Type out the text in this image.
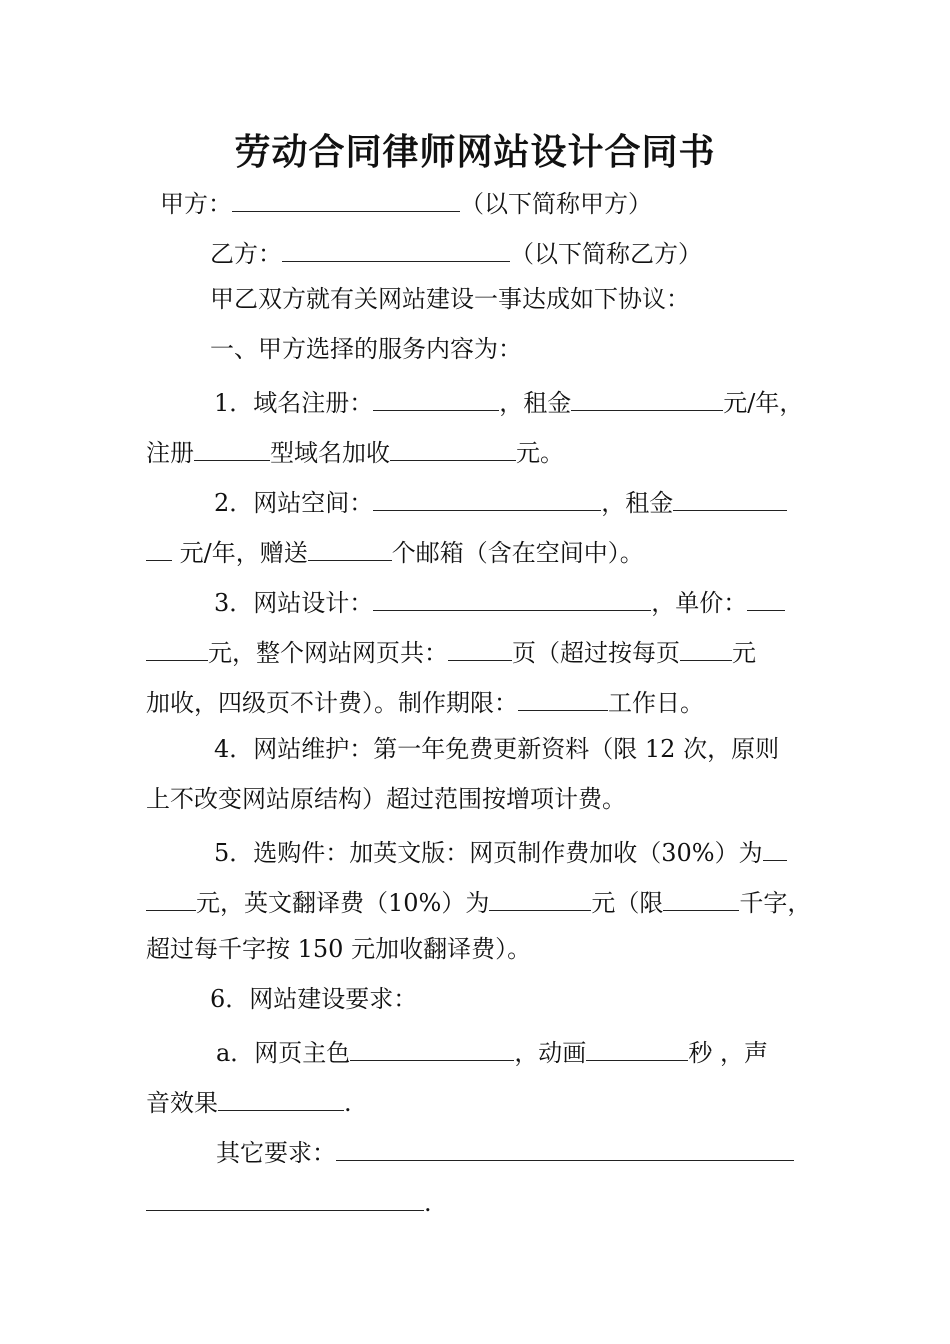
劳动合同律师网站设计合同书
甲方：	（以下简称甲方）
乙方：	（以下简称乙方）
甲乙双方就有关网站建设一事达成如下协议：
一、甲方选择的服务内容为：
1．域名注册：	，租金	元/年，
注册	型域名加收	元。
2．网站空间：	，租金
元/年，赠送	个邮箱（含在空间中）。
3．网站设计：	，单价：
元，整个网站网页共：	页（超过按每页 元
加收，四级页不计费）。制作期限：	工作日。
4．网站维护：第一年免费更新资料（限 12 次，原则
上不改变网站原结构）超过范围按增项计费。
5．选购件：加英文版：网页制作费加收（30%）为
元，英文翻译费（10%）为	元（限	千字，
超过每千字按 150 元加收翻译费）。
6．网站建设要求：
a．网页主色	，动画	秒 ，声
音效果	.
其它要求：
.
